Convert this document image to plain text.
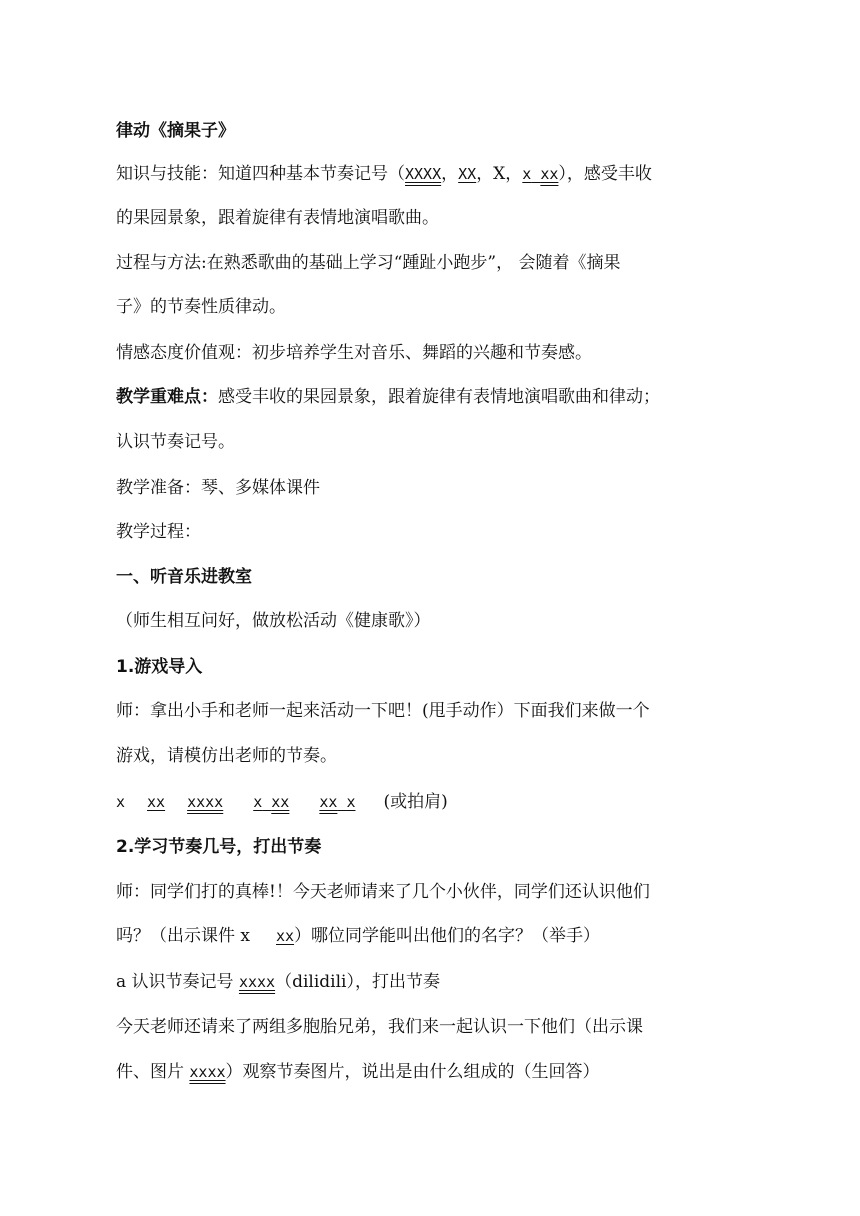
律动《摘果子》
知识与技能：知道四种基本节奏记号（XXXX，XX，X，x xx），感受丰收
的果园景象，跟着旋律有表情地演唱歌曲。
过程与方法:在熟悉歌曲的基础上学习“踵趾小跑步”， 会随着《摘果
子》的节奏性质律动。
情感态度价值观：初步培养学生对音乐、舞蹈的兴趣和节奏感。
教学重难点：感受丰收的果园景象，跟着旋律有表情地演唱歌曲和律动；
认识节奏记号。
教学准备：琴、多媒体课件
教学过程：
一、听音乐进教室
（师生相互问好，做放松活动《健康歌》）
1.游戏导入
师：拿出小手和老师一起来活动一下吧！(甩手动作）下面我们来做一个
游戏，请模仿出老师的节奏。
x xx xxxx x xx xx x (或拍肩)
2.学习节奏几号，打出节奏
师：同学们打的真棒!！今天老师请来了几个小伙伴，同学们还认识他们
吗？（出示课件 x xx）哪位同学能叫出他们的名字？（举手）
a 认识节奏记号 xxxx（dilidili），打出节奏
今天老师还请来了两组多胞胎兄弟，我们来一起认识一下他们（出示课
件、图片 xxxx）观察节奏图片，说出是由什么组成的（生回答）
